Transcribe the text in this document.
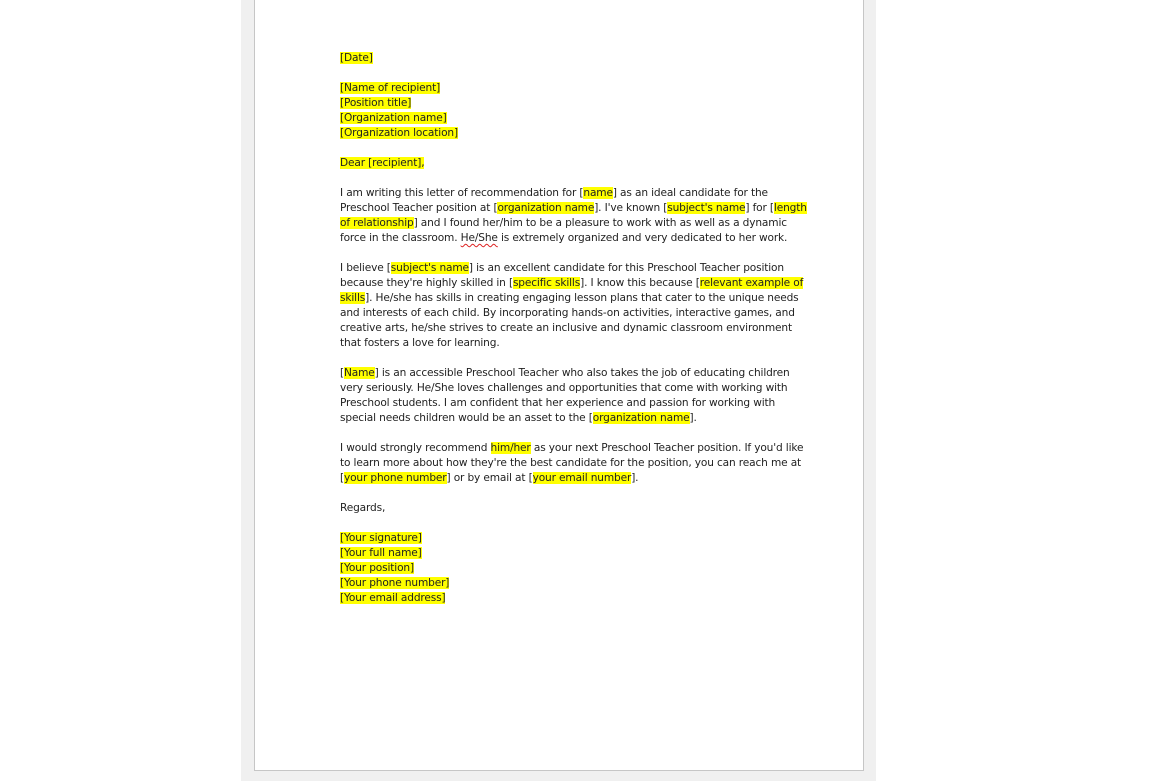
[Date]

[Name of recipient]
[Position title]
[Organization name]
[Organization location]

Dear [recipient],

I am writing this letter of recommendation for [name] as an ideal candidate for the Preschool Teacher position at [organization name]. I've known [subject's name] for [length of relationship] and I found her/him to be a pleasure to work with as well as a dynamic force in the classroom. He/She is extremely organized and very dedicated to her work.

I believe [subject's name] is an excellent candidate for this Preschool Teacher position because they're highly skilled in [specific skills]. I know this because [relevant example of skills]. He/she has skills in creating engaging lesson plans that cater to the unique needs and interests of each child. By incorporating hands-on activities, interactive games, and creative arts, he/she strives to create an inclusive and dynamic classroom environment that fosters a love for learning.

[Name] is an accessible Preschool Teacher who also takes the job of educating children very seriously. He/She loves challenges and opportunities that come with working with Preschool students. I am confident that her experience and passion for working with special needs children would be an asset to the [organization name].

I would strongly recommend him/her as your next Preschool Teacher position. If you'd like to learn more about how they're the best candidate for the position, you can reach me at [your phone number] or by email at [your email number].

Regards,

[Your signature]
[Your full name]
[Your position]
[Your phone number]
[Your email address]
